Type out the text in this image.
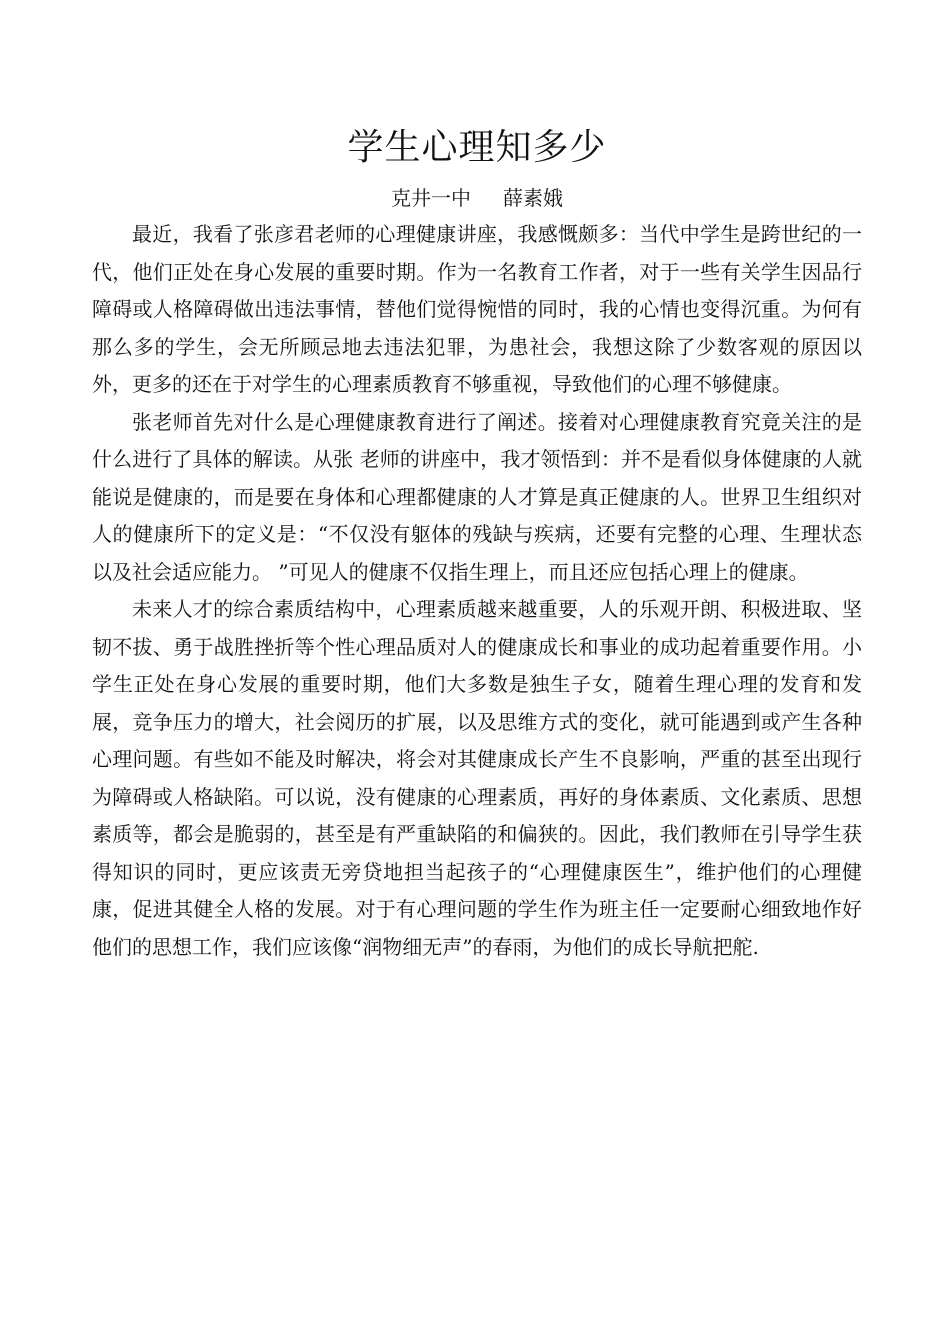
学生心理知多少
克井一中 薛素娥

最近，我看了张彦君老师的心理健康讲座，我感慨颇多：当代中学生是跨世纪的一代，他们正处在身心发展的重要时期。作为一名教育工作者，对于一些有关学生因品行障碍或人格障碍做出违法事情，替他们觉得惋惜的同时，我的心情也变得沉重。为何有那么多的学生，会无所顾忌地去违法犯罪，为患社会，我想这除了少数客观的原因以外，更多的还在于对学生的心理素质教育不够重视，导致他们的心理不够健康。

张老师首先对什么是心理健康教育进行了阐述。接着对心理健康教育究竟关注的是什么进行了具体的解读。从张 老师的讲座中，我才领悟到：并不是看似身体健康的人就能说是健康的，而是要在身体和心理都健康的人才算是真正健康的人。世界卫生组织对人的健康所下的定义是：“不仅没有躯体的残缺与疾病，还要有完整的心理、生理状态以及社会适应能力。 ”可见人的健康不仅指生理上，而且还应包括心理上的健康。

未来人才的综合素质结构中，心理素质越来越重要，人的乐观开朗、积极进取、坚韧不拔、勇于战胜挫折等个性心理品质对人的健康成长和事业的成功起着重要作用。小学生正处在身心发展的重要时期，他们大多数是独生子女，随着生理心理的发育和发展，竞争压力的增大，社会阅历的扩展，以及思维方式的变化，就可能遇到或产生各种心理问题。有些如不能及时解决，将会对其健康成长产生不良影响，严重的甚至出现行为障碍或人格缺陷。可以说，没有健康的心理素质，再好的身体素质、文化素质、思想素质等，都会是脆弱的，甚至是有严重缺陷的和偏狭的。因此，我们教师在引导学生获得知识的同时，更应该责无旁贷地担当起孩子的“心理健康医生”，维护他们的心理健康，促进其健全人格的发展。对于有心理问题的学生作为班主任一定要耐心细致地作好他们的思想工作，我们应该像“润物细无声”的春雨，为他们的成长导航把舵.
